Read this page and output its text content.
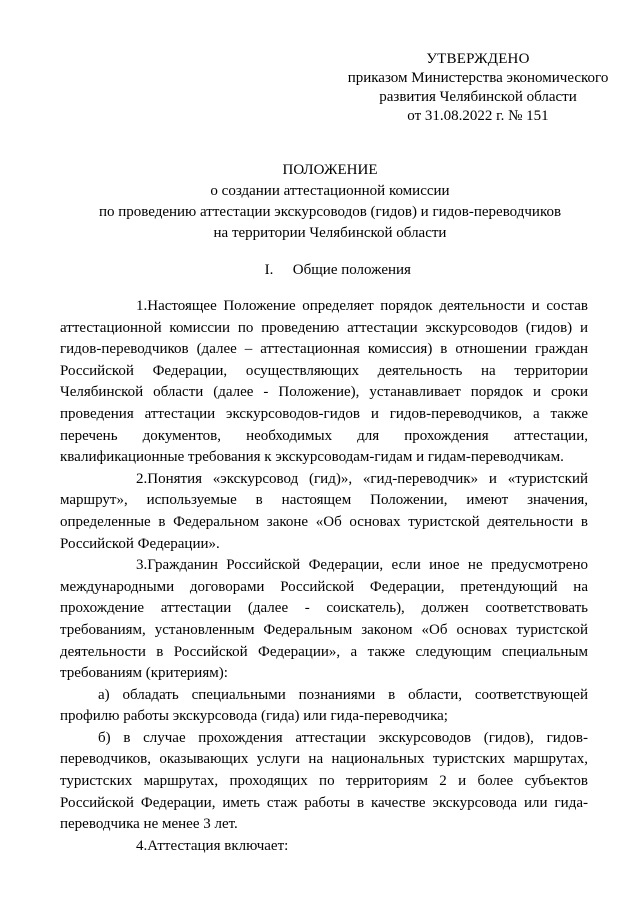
УТВЕРЖДЕНО
приказом Министерства экономического
развития Челябинской области
от 31.08.2022 г. № 151
ПОЛОЖЕНИЕ
о создании аттестационной комиссии
по проведению аттестации экскурсоводов (гидов) и гидов-переводчиков
на территории Челябинской области
I. Общие положения

1.Настоящее Положение определяет порядок деятельности и состав аттестационной комиссии по проведению аттестации экскурсоводов (гидов) и гидов-переводчиков (далее – аттестационная комиссия) в отношении граждан Российской Федерации, осуществляющих деятельность на территории Челябинской области (далее - Положение), устанавливает порядок и сроки проведения аттестации экскурсоводов-гидов и гидов-переводчиков, а также перечень документов, необходимых для прохождения аттестации, квалификационные требования к экскурсоводам-гидам и гидам-переводчикам.

2.Понятия «экскурсовод (гид)», «гид-переводчик» и «туристский маршрут», используемые в настоящем Положении, имеют значения, определенные в Федеральном законе «Об основах туристской деятельности в Российской Федерации».

3.Гражданин Российской Федерации, если иное не предусмотрено международными договорами Российской Федерации, претендующий на прохождение аттестации (далее - соискатель), должен соответствовать требованиям, установленным Федеральным законом «Об основах туристской деятельности в Российской Федерации», а также следующим специальным требованиям (критериям):

а) обладать специальными познаниями в области, соответствующей профилю работы экскурсовода (гида) или гида-переводчика;

б) в случае прохождения аттестации экскурсоводов (гидов), гидов-переводчиков, оказывающих услуги на национальных туристских маршрутах, туристских маршрутах, проходящих по территориям 2 и более субъектов Российской Федерации, иметь стаж работы в качестве экскурсовода или гида-переводчика не менее 3 лет.

4.Аттестация включает:
